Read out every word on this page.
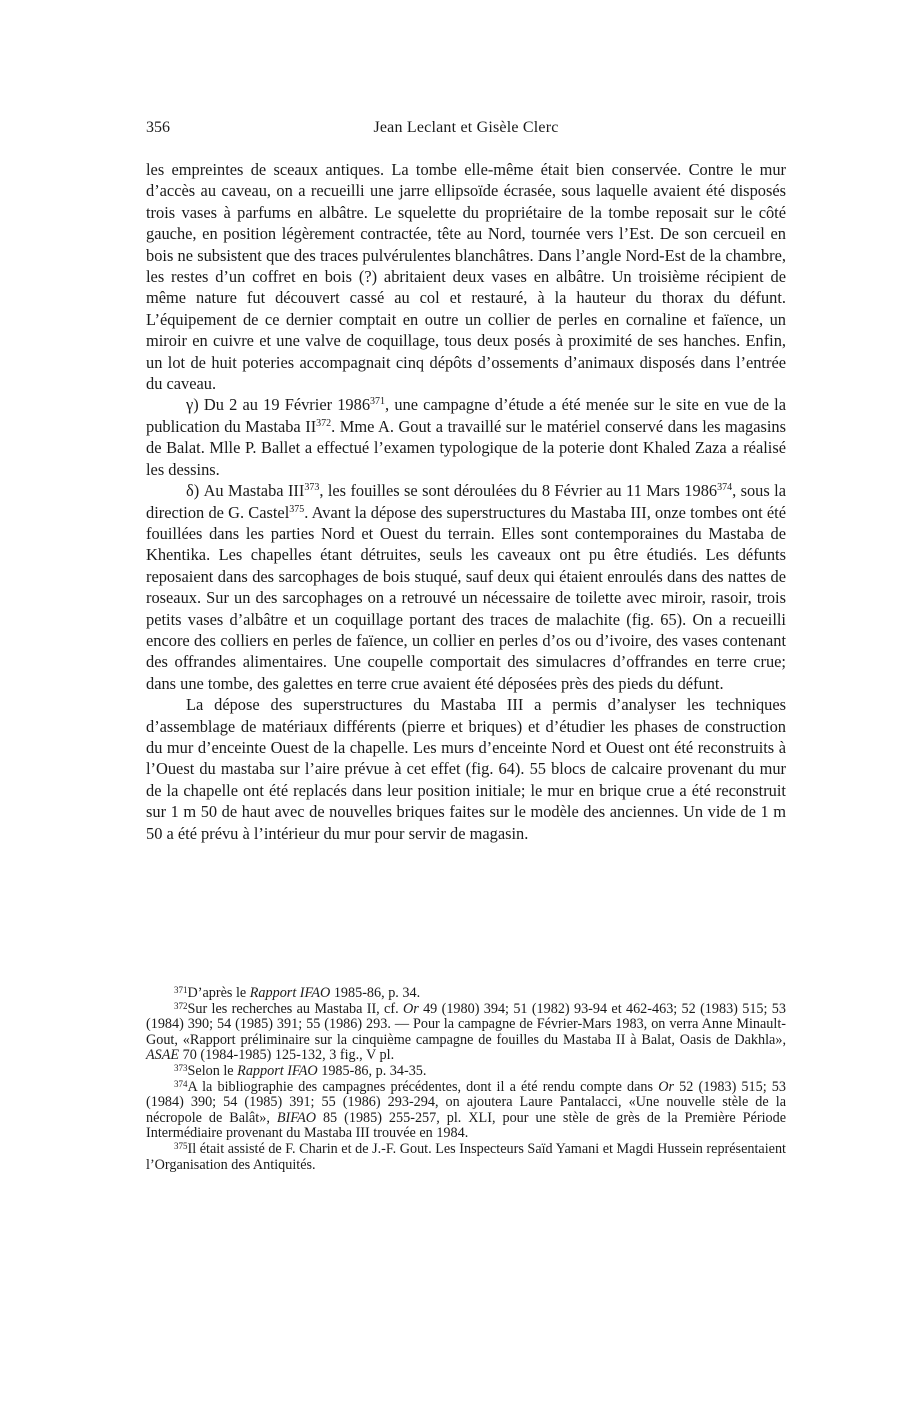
356	Jean Leclant et Gisèle Clerc

les empreintes de sceaux antiques. La tombe elle-même était bien conservée. Contre le mur d’accès au caveau, on a recueilli une jarre ellipsoïde écrasée, sous laquelle avaient été disposés trois vases à parfums en albâtre. Le squelette du propriétaire de la tombe reposait sur le côté gauche, en position légèrement contractée, tête au Nord, tournée vers l’Est. De son cercueil en bois ne subsistent que des traces pulvérulentes blanchâtres. Dans l’angle Nord-Est de la chambre, les restes d’un coffret en bois (?) abritaient deux vases en albâtre. Un troisième récipient de même nature fut découvert cassé au col et restauré, à la hauteur du thorax du défunt. L’équipement de ce dernier comptait en outre un collier de perles en cornaline et faïence, un miroir en cuivre et une valve de coquillage, tous deux posés à proximité de ses hanches. Enfin, un lot de huit poteries accompagnait cinq dépôts d’ossements d’animaux disposés dans l’entrée du caveau.

γ) Du 2 au 19 Février 1986$^{371}$, une campagne d’étude a été menée sur le site en vue de la publication du Mastaba II$^{372}$. Mme A. Gout a travaillé sur le matériel conservé dans les magasins de Balat. Mlle P. Ballet a effectué l’examen typologique de la poterie dont Khaled Zaza a réalisé les dessins.

δ) Au Mastaba III$^{373}$, les fouilles se sont déroulées du 8 Février au 11 Mars 1986$^{374}$, sous la direction de G. Castel$^{375}$. Avant la dépose des superstructures du Mastaba III, onze tombes ont été fouillées dans les parties Nord et Ouest du terrain. Elles sont contemporaines du Mastaba de Khentika. Les chapelles étant détruites, seuls les caveaux ont pu être étudiés. Les défunts reposaient dans des sarcophages de bois stuqué, sauf deux qui étaient enroulés dans des nattes de roseaux. Sur un des sarcophages on a retrouvé un nécessaire de toilette avec miroir, rasoir, trois petits vases d’albâtre et un coquillage portant des traces de malachite (fig. 65). On a recueilli encore des colliers en perles de faïence, un collier en perles d’os ou d’ivoire, des vases contenant des offrandes alimentaires. Une coupelle comportait des simulacres d’offrandes en terre crue; dans une tombe, des galettes en terre crue avaient été déposées près des pieds du défunt.

La dépose des superstructures du Mastaba III a permis d’analyser les techniques d’assemblage de matériaux différents (pierre et briques) et d’étudier les phases de construction du mur d’enceinte Ouest de la chapelle. Les murs d’enceinte Nord et Ouest ont été reconstruits à l’Ouest du mastaba sur l’aire prévue à cet effet (fig. 64). 55 blocs de calcaire provenant du mur de la chapelle ont été replacés dans leur position initiale; le mur en brique crue a été reconstruit sur 1 m 50 de haut avec de nouvelles briques faites sur le modèle des anciennes. Un vide de 1 m 50 a été prévu à l’intérieur du mur pour servir de magasin.

$^{371}$D’après le Rapport IFAO 1985-86, p. 34.

$^{372}$Sur les recherches au Mastaba II, cf. Or 49 (1980) 394; 51 (1982) 93-94 et 462-463; 52 (1983) 515; 53 (1984) 390; 54 (1985) 391; 55 (1986) 293. — Pour la campagne de Février-Mars 1983, on verra Anne Minault-Gout, «Rapport préliminaire sur la cinquième campagne de fouilles du Mastaba II à Balat, Oasis de Dakhla», ASAE 70 (1984-1985) 125-132, 3 fig., V pl.

$^{373}$Selon le Rapport IFAO 1985-86, p. 34-35.

$^{374}$A la bibliographie des campagnes précédentes, dont il a été rendu compte dans Or 52 (1983) 515; 53 (1984) 390; 54 (1985) 391; 55 (1986) 293-294, on ajoutera Laure Pantalacci, «Une nouvelle stèle de la nécropole de Balât», BIFAO 85 (1985) 255-257, pl. XLI, pour une stèle de grès de la Première Période Intermédiaire provenant du Mastaba III trouvée en 1984.

$^{375}$Il était assisté de F. Charin et de J.-F. Gout. Les Inspecteurs Saïd Yamani et Magdi Hussein représentaient l’Organisation des Antiquités.
